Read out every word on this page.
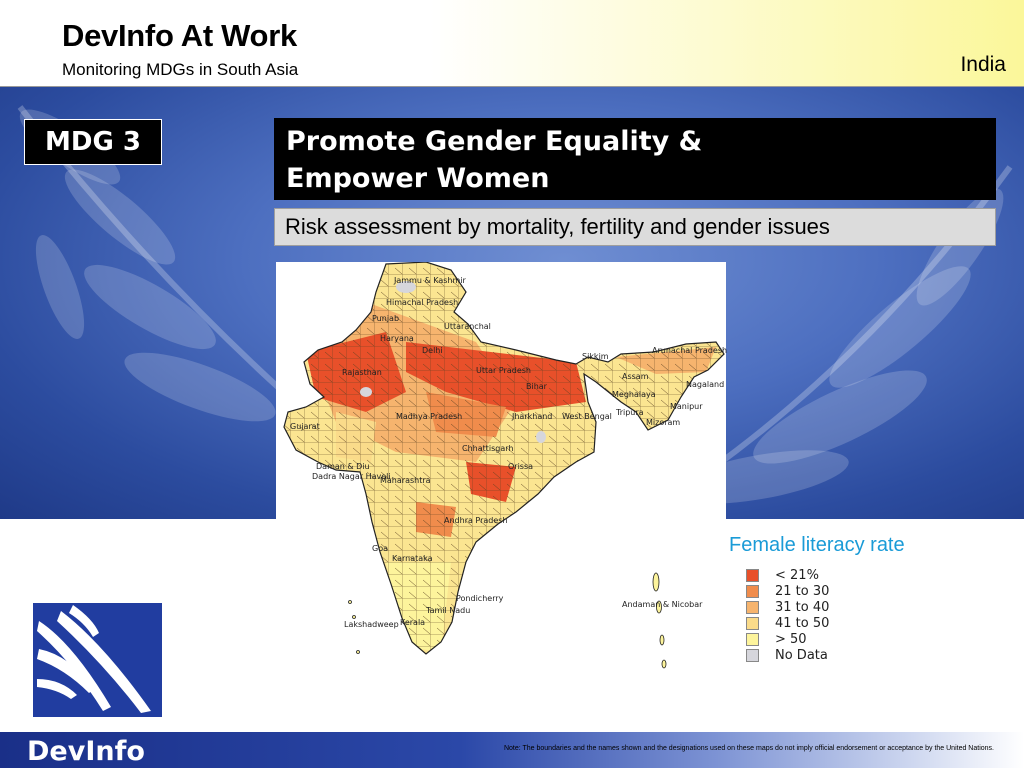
DevInfo At Work
Monitoring MDGs in South Asia	India
MDG 3	Promote Gender Equality &
Empower Women
Risk assessment by mortality, fertility and gender issues
Jammu & Kashmir
Himachal Pradesh
Punjab
Uttaranchal
Haryana
Delhi
Rajasthan	Uttar Pradesh
Sikkim
Arunachal Pradesh
Assam
Nagaland
Manipur
Meghalaya
Tripura
Mizoram
Bihar
Jharkhand West Bengal
Gujarat
Madhya Pradesh
Chhattisgarh
Orissa
Daman & Diu
Dadra Nagar Haveli
Maharashtra
Andhra Pradesh
Goa
Karnataka
Pondicherry
Tamil Nadu
Kerala
Lakshadweep
Andaman & Nicobar
Female literacy rate
< 21%
21 to 30
31 to 40
41 to 50
> 50
No Data
DevInfo	Note: The boundaries and the names shown and the designations used on these maps do not imply official endorsement or acceptance by the United Nations.
